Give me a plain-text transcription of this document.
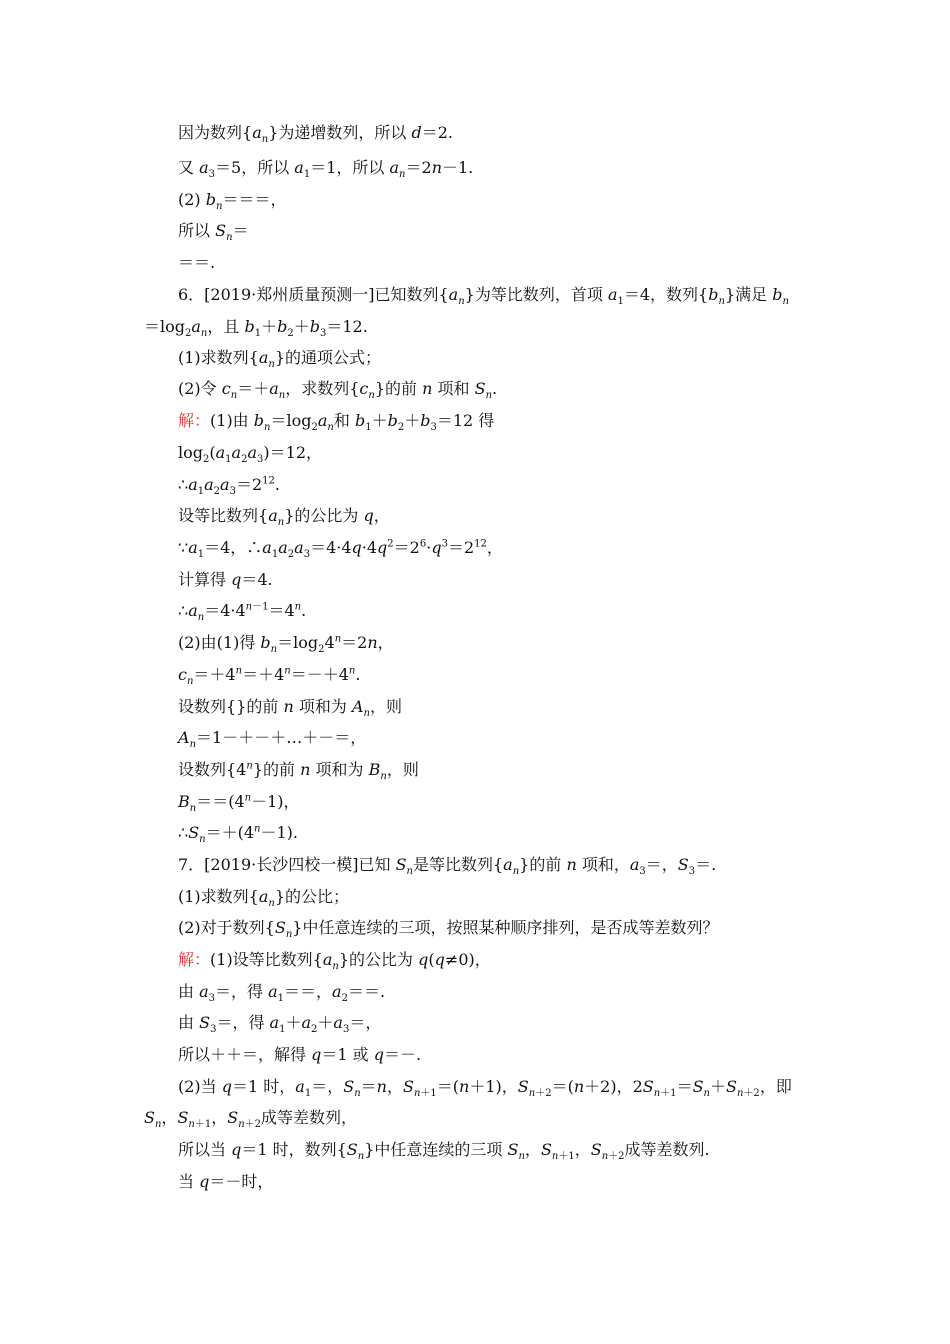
因为数列$\{a_n\}$为递增数列，所以 d＝2.
又 $a_3=5$，所以 $a_1=1$，所以 $a_n=2n-1$.
(2) $b_n===$，
所以 $S_n=$
＝＝.
6．[2019·郑州质量预测一]已知数列$\{a_n\}$为等比数列，首项 $a_1=4$，数列$\{b_n\}$满足 $b_n$
$=\log_2a_n$，且 $b_1+b_2+b_3=12$.
(1)求数列$\{a_n\}$的通项公式；
(2)令 $c_n=+a_n$，求数列$\{c_n\}$的前 n 项和 $S_n$.
解：(1)由 $b_n=\log_2a_n$和 $b_1+b_2+b_3=12$ 得
$\log_2(a_1a_2a_3)=12$，
$\therefore a_1a_2a_3=2^{12}$.
设等比数列$\{a_n\}$的公比为 q，
$\because a_1=4$，$\therefore a_1a_2a_3=4\cdot 4q\cdot 4q^2=2^6\cdot q^3=2^{12}$，
计算得 q＝4.
$\therefore a_n=4\cdot 4^{n-1}=4^n$.
(2)由(1)得 $b_n=\log_24^n=2n$，
$c_n=+4^n=+4^n=-+4^n$.
设数列{}的前 n 项和为 $A_n$，则
$A_n=1-+-+\dots+-=$，
设数列{4$^n$}的前 n 项和为 $B_n$，则
$B_n==(4^n-1)$，
$\therefore S_n=+(4^n-1)$.
7．[2019·长沙四校一模]已知 $S_n$是等比数列$\{a_n\}$的前 n 项和，$a_3=$，$S_3=$.
(1)求数列$\{a_n\}$的公比；
(2)对于数列$\{S_n\}$中任意连续的三项，按照某种顺序排列，是否成等差数列？
解：(1)设等比数列$\{a_n\}$的公比为 q(q≠0)，
由 $a_3=$，得 $a_1==$，$a_2==$.
由 $S_3=$，得 $a_1+a_2+a_3=$，
所以＋＋＝，解得 q＝1 或 q＝－.
(2)当 q＝1 时，$a_1=$，$S_n=n$，$S_{n+1}=(n+1)$，$S_{n+2}=(n+2)$，$2S_{n+1}=S_n+S_{n+2}$，即
$S_n$，$S_{n+1}$，$S_{n+2}$成等差数列，
所以当 q＝1 时，数列$\{S_n\}$中任意连续的三项 $S_n$，$S_{n+1}$，$S_{n+2}$成等差数列.
当 q＝－时，
